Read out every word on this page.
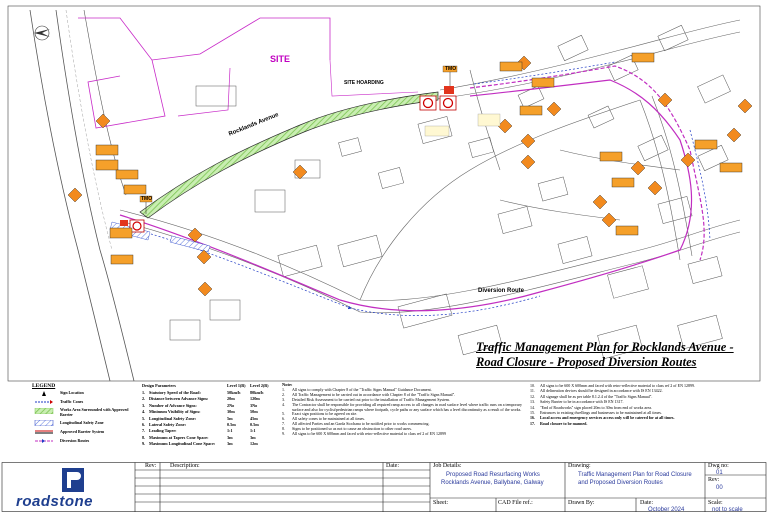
SITE
SITE HOARDING
Rocklands Avenue
Diversion Route
TMO
TMO
Traffic Management Plan for Rocklands Avenue -
Road Closure - Proposed Diversion Routes
LEGEND
Sign Location
Traffic Cones
Works Area Surrounded with Approved Barrier
Longitudinal Safety Zone
Approved Barrier System
Diversion Routes
Design Parameters	Level 1(B) Level 2(B)
1. Statutory Speed of the Road:	50km/h 80km/h
2. Distance between Advance Signs:	20m	120m
3. Number of Advance Signs:	2No	3No
4. Minimum Visibility of Signs:	30m	50m
5. Longitudinal Safety Zone:	5m	45m
6. Lateral Safety Zone:	0.5m	0.5m
7. Leading Taper:	1:1	1:1
8. Maximum at Tapers Cone Space:	3m	3m
9. Maximum Longitudinal Cone Space:	3m	12m
Note:
1. All signs to comply with Chapter 8 of the "Traffic Signs Manual" Guidance Document.
2. All Traffic Management to be carried out in accordance with Chapter 8 of the "Traffic Signs Manual".
3. Detailed Risk Assessment to be carried out prior to the installation of Traffic Management System.
4. The Contractor shall be responsible for providing all required ramp access to all changes in road surface level where traffic runs on a temporary surface and also for cyclist/pedestrian ramps where footpath, cycle paths or any surface which has a level discontinuity as a result of the works.
5. Exact sign positions to be agreed on site.
6. All safety cones to be maintained at all times.
7. All affected Parties and an Garda Siochana to be notified prior to works commencing.
8. Signs to be positioned so as not to cause an obstruction to other road users.
9. All signs to be 600 X 600mm and faced with retro-reflective material to class ref 2 of EN 12899
10. All signs to be 600 X 600mm and faced with retro-reflective material to class ref 2 of EN 12899.
11. All delineation devices should be designed in accordance with IS EN 13422.
12. All signage shall be as per table 8.1.2.4 of the "Traffic Signs Manual".
13. Safety Barrier to be in accordance with IS EN 1317.
14. "End of Roadworks" sign placed 20m to 30m from end of works area.
15. Entrances to existing dwellings and businesses to be maintained at all times.
16. Local access and emergency services access only will be catered for at all times.
17. Road closure to be manned.
Rev: Description:	Date:	Job Details:
Proposed Road Resurfacing Works
Rocklands Avenue, Ballybane, Galway
Drawing:
Traffic Management Plan for Road Closure
and Proposed Diversion Routes
Dwg no:
01
Rev:
00
Sheet:	CAD File ref.:	Drawn By:	Date:
October 2024
Scale:
not to scale
roadstone
